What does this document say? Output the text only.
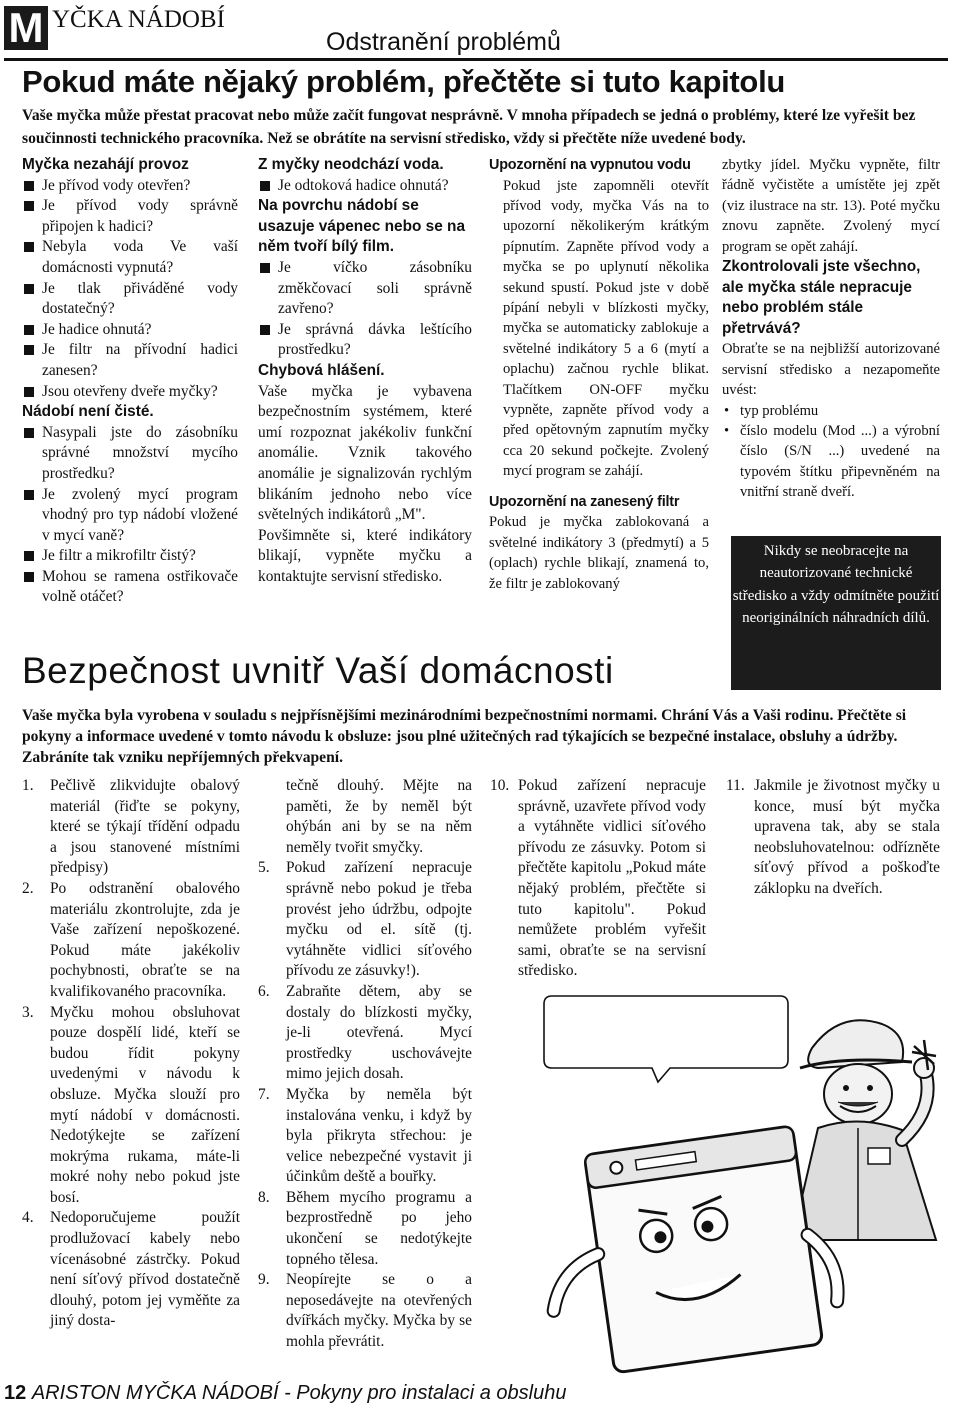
M YČKA NÁDOBÍ
Odstranění problémů
Pokud máte nějaký problém, přečtěte si tuto kapitolu
Vaše myčka může přestat pracovat nebo může začít fungovat nesprávně. V mnoha případech se jedná o problémy, které lze vyřešit bez součinnosti technického pracovníka. Než se obrátíte na servisní středisko, vždy si přečtěte níže uvedené body.
Myčka nezahájí provoz
Je přívod vody otevřen?
Je přívod vody správně připojen k hadici?
Nebyla voda Ve vaší domácnosti vypnutá?
Je tlak přiváděné vody dostatečný?
Je hadice ohnutá?
Je filtr na přívodní hadici zanesen?
Jsou otevřeny dveře myčky?
Nádobí není čisté.
Nasypali jste do zásobníku správné množství mycího prostředku?
Je zvolený mycí program vhodný pro typ nádobí vložené v mycí vaně?
Je filtr a mikrofiltr čistý?
Mohou se ramena ostřikovače volně otáčet?
Z myčky neodchází voda.
Je odtoková hadice ohnutá?
Na povrchu nádobí se usazuje vápenec nebo se na něm tvoří bílý film.
Je víčko zásobníku změkčovací soli správně zavřeno?
Je správná dávka leštícího prostředku?
Chybová hlášení.
Vaše myčka je vybavena bezpečnostním systémem, které umí rozpoznat jakékoliv funkční anomálie. Vznik takového anomálie je signalizován rychlým blikáním jednoho nebo více světelných indikátorů „M".
Povšimněte si, které indikátory blikají, vypněte myčku a kontaktujte servisní středisko.
Upozornění na vypnutou vodu
Pokud jste zapomněli otevřít přívod vody, myčka Vás na to upozorní několikerým krátkým pípnutím. Zapněte přívod vody a myčka se po uplynutí několika sekund spustí. Pokud jste v době pípání nebyli v blízkosti myčky, myčka se automaticky zablokuje a světelné indikátory 5 a 6 (mytí a oplachu) začnou rychle blikat. Tlačítkem ON-OFF myčku vypněte, zapněte přívod vody a před opětovným zapnutím myčky cca 20 sekund počkejte. Zvolený mycí program se zahájí.
Upozornění na zanesený filtr
Pokud je myčka zablokovaná a světelné indikátory 3 (předmytí) a 5 (oplach) rychle blikají, znamená to, že filtr je zablokovaný
zbytky jídel. Myčku vypněte, filtr řádně vyčistěte a umístěte jej zpět (viz ilustrace na str. 13). Poté myčku znovu zapněte. Zvolený mycí program se opět zahájí.
Zkontrolovali jste všechno, ale myčka stále nepracuje nebo problém stále přetrvává?
Obraťte se na nejbližší autorizované servisní středisko a nezapomeňte uvést:
• typ problému
• číslo modelu (Mod ...) a výrobní číslo (S/N ...) uvedené na typovém štítku připevněném na vnitřní straně dveří.
Nikdy se neobracejte na neautorizované technické středisko a vždy odmítněte použití neoriginálních náhradních dílů.
Bezpečnost uvnitř Vaší domácnosti
Vaše myčka byla vyrobena v souladu s nejpřísnějšími mezinárodními bezpečnostními normami. Chrání Vás a Vaši rodinu. Přečtěte si pokyny a informace uvedené v tomto návodu k obsluze: jsou plné užitečných rad týkajících se bezpečné instalace, obsluhy a údržby. Zabráníte tak vzniku nepříjemných překvapení.
1. Pečlivě zlikvidujte obalový materiál (řiďte se pokyny, které se týkají třídění odpadu a jsou stanovené místními předpisy)
2. Po odstranění obalového materiálu zkontrolujte, zda je Vaše zařízení nepoškozené. Pokud máte jakékoliv pochybnosti, obraťte se na kvalifikovaného pracovníka.
3. Myčku mohou obsluhovat pouze dospělí lidé, kteří se budou řídit pokyny uvedenými v návodu k obsluze. Myčka slouží pro mytí nádobí v domácnosti. Nedotýkejte se zařízení mokrýma rukama, máte-li mokré nohy nebo pokud jste bosí.
4. Nedoporučujeme použít prodlužovací kabely nebo vícenásobné zástrčky. Pokud není síťový přívod dostatečně dlouhý, potom jej vyměňte za jiný dosta-
tečně dlouhý. Mějte na paměti, že by neměl být ohýbán ani by se na něm neměly tvořit smyčky.
5. Pokud zařízení nepracuje správně nebo pokud je třeba provést jeho údržbu, odpojte myčku od el. sítě (tj. vytáhněte vidlici síťového přívodu ze zásuvky!).
6. Zabraňte dětem, aby se dostaly do blízkosti myčky, je-li otevřená. Mycí prostředky uschovávejte mimo jejich dosah.
7. Myčka by neměla být instalována venku, i když by byla přikryta střechou: je velice nebezpečné vystavit ji účinkům deště a bouřky.
8. Během mycího programu a bezprostředně po jeho ukončení se nedotýkejte topného tělesa.
9. Neopírejte se o a neposedávejte na otevřených dvířkách myčky. Myčka by se mohla převrátit.
10. Pokud zařízení nepracuje správně, uzavřete přívod vody a vytáhněte vidlici síťového přívodu ze zásuvky. Potom si přečtěte kapitolu „Pokud máte nějaký problém, přečtěte si tuto kapitolu". Pokud nemůžete problém vyřešit sami, obraťte se na servisní středisko.
11. Jakmile je životnost myčky u konce, musí být myčka upravena tak, aby se stala neobsluhovatelnou: odřízněte síťový přívod a poškoďte záklopku na dveřích.
12 ARISTON MYČKA NÁDOBÍ - Pokyny pro instalaci a obsluhu
